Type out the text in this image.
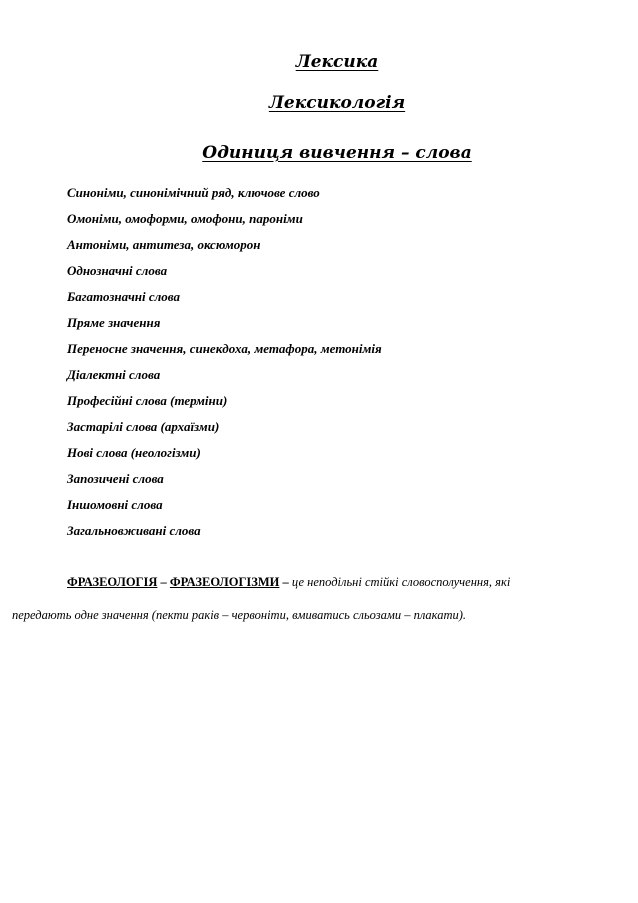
Лексика
Лексикологія
Одиниця вивчення – слова
Синоніми, синонімічний ряд, ключове слово
Омоніми, омоформи, омофони, пароніми
Антоніми, антитеза, оксюморон
Однозначні слова
Багатозначні слова
Пряме значення
Переносне значення, синекдоха, метафора, метонімія
Діалектні слова
Професійні слова (терміни)
Застарілі слова (архаїзми)
Нові слова (неологізми)
Запозичені слова
Іншомовні слова
Загальновживані слова
ФРАЗЕОЛОГІЯ – ФРАЗЕОЛОГІЗМИ – це неподільні стійкі словосполучення, які
передають одне значення (пекти раків – червоніти, вмиватись сльозами – плакати).
